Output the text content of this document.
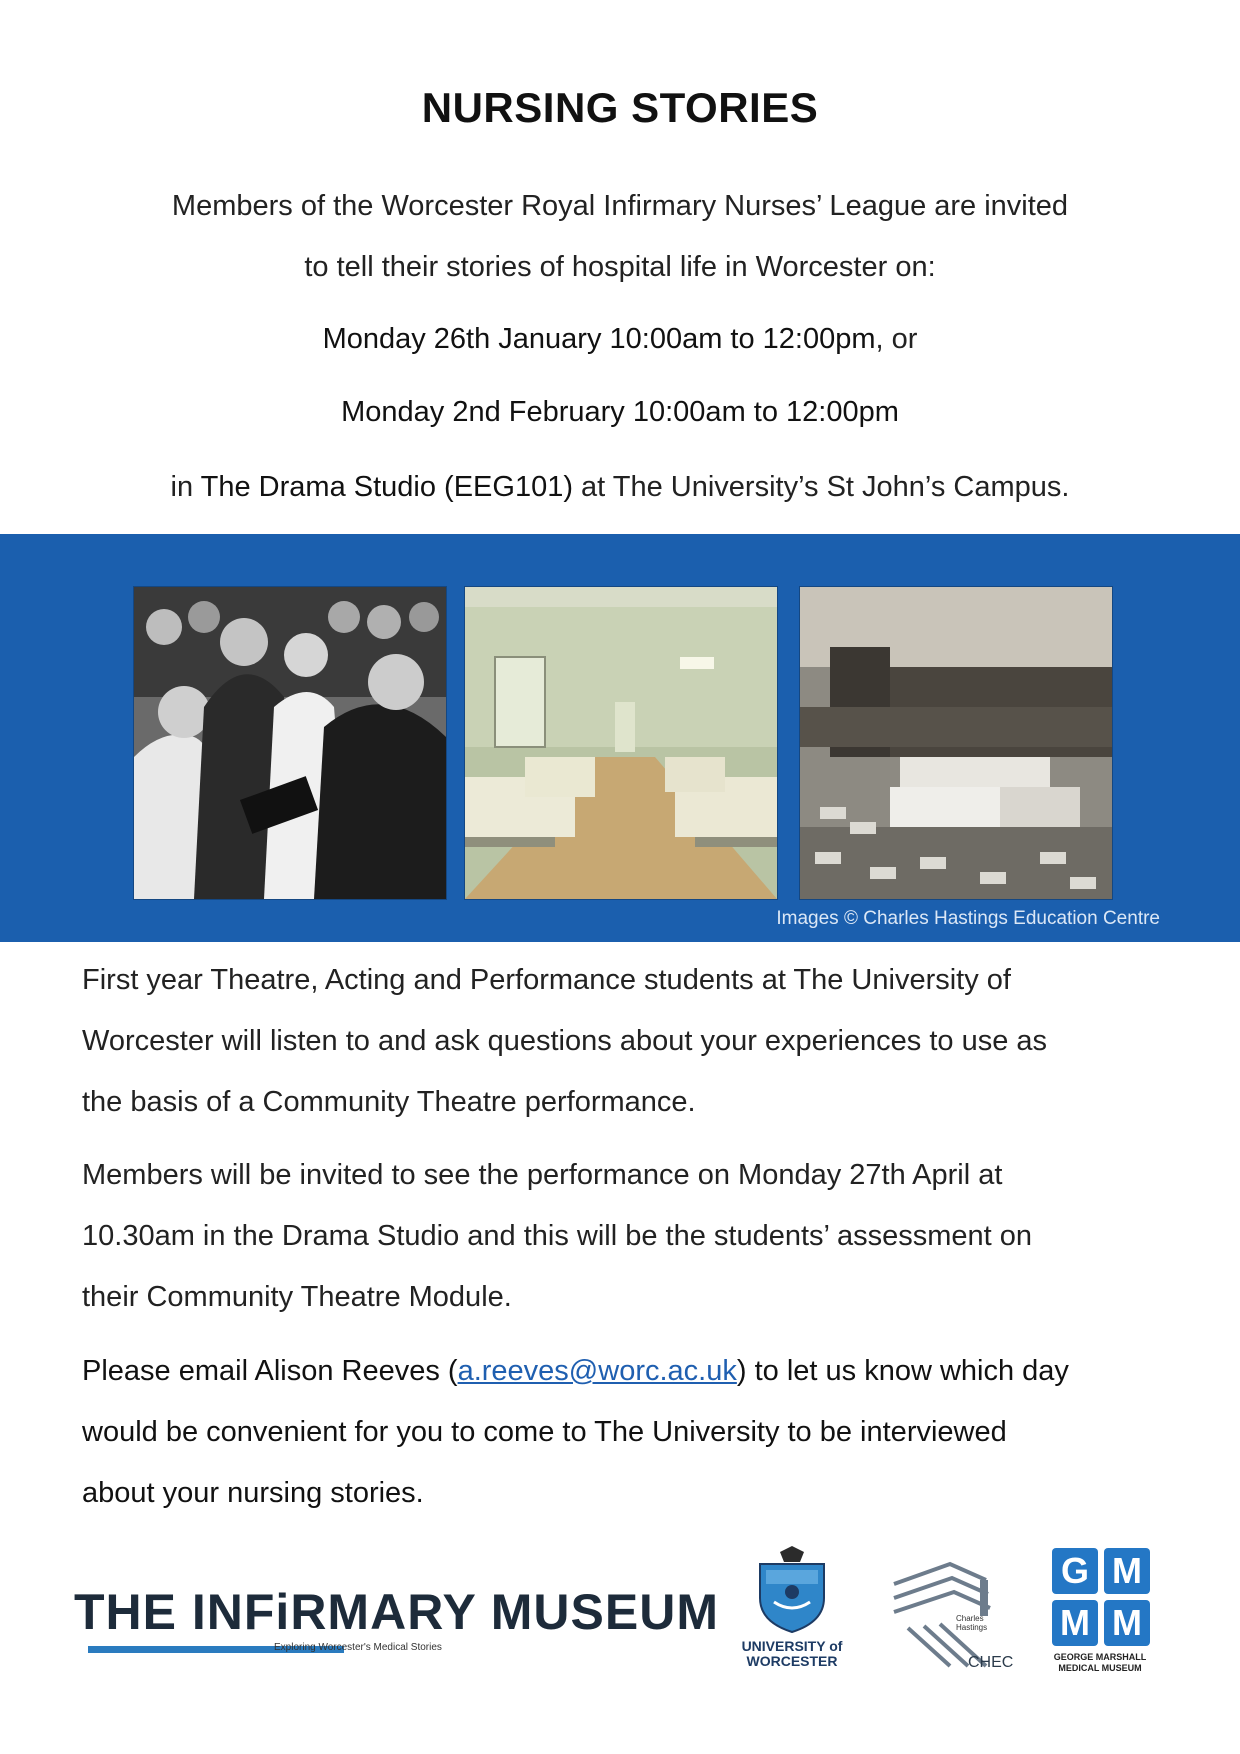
NURSING STORIES
Members of the Worcester Royal Infirmary Nurses’ League are invited
to tell their stories of hospital life in Worcester on:
Monday 26th January 10:00am to 12:00pm, or
Monday 2nd February 10:00am to 12:00pm
in The Drama Studio (EEG101) at The University’s St John’s Campus.
Images © Charles Hastings Education Centre
First year Theatre, Acting and Performance students at The University of
Worcester will listen to and ask questions about your experiences to use as
the basis of a Community Theatre performance.
Members will be invited to see the performance on Monday 27th April at
10.30am in the Drama Studio and this will be the students’ assessment on
their Community Theatre Module.
Please email Alison Reeves (a.reeves@worc.ac.uk) to let us know which day
would be convenient for you to come to The University to be interviewed
about your nursing stories.
THE INFiRMARY MUSEUM
Exploring Worcester's Medical Stories	UNIVERSITY of
WORCESTER
Charles Hastings
CHEC
G M
M M
GEORGE MARSHALL
MEDICAL MUSEUM
